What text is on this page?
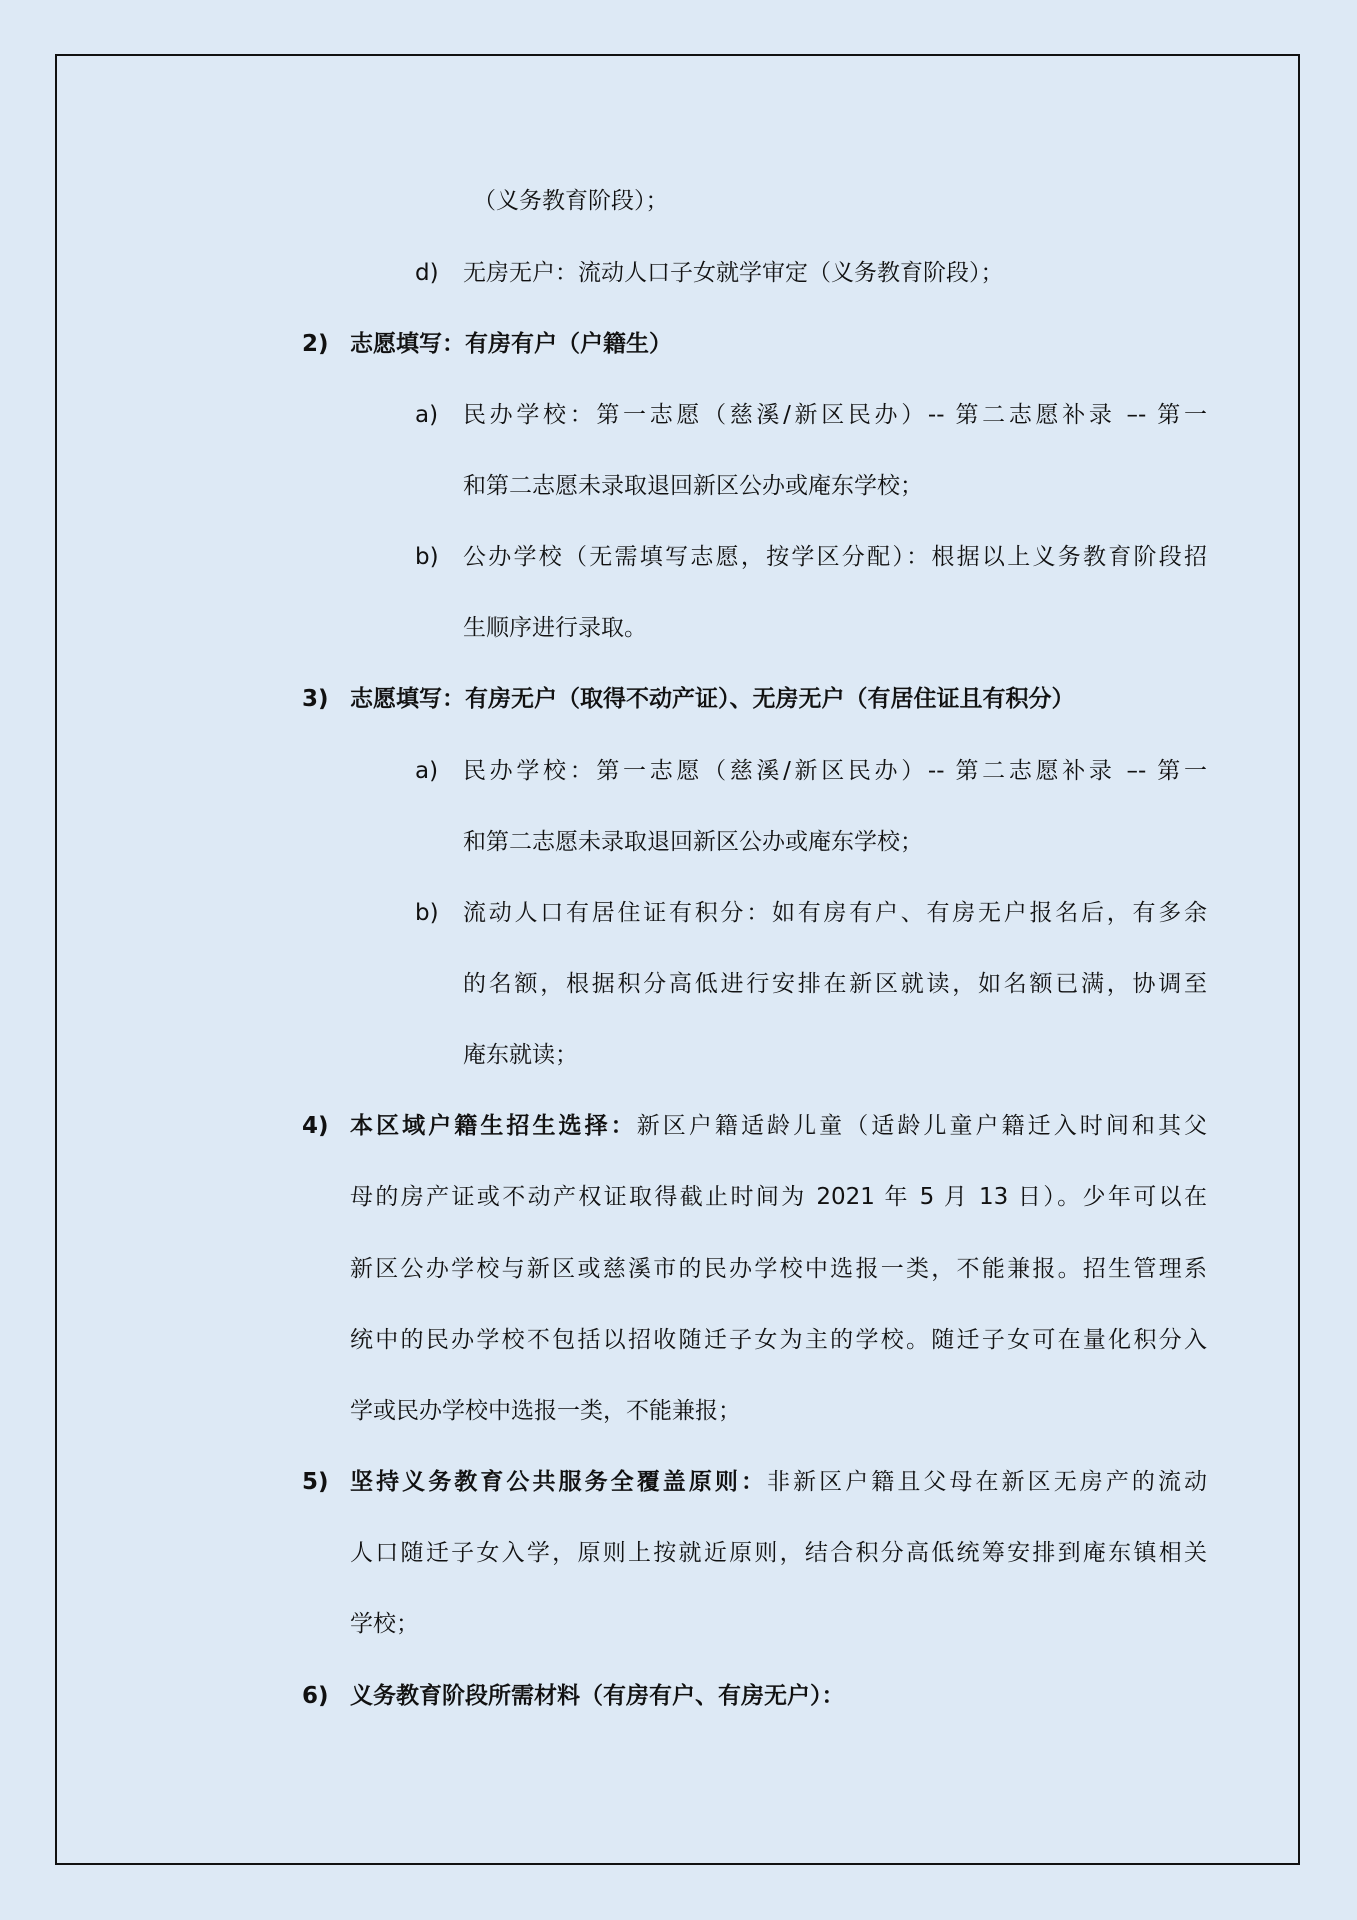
（义务教育阶段）；
d) 无房无户：流动人口子女就学审定（义务教育阶段）；
2) 志愿填写：有房有户（户籍生）
a) 民办学校：第一志愿（慈溪/新区民办）-- 第二志愿补录 –- 第一
和第二志愿未录取退回新区公办或庵东学校；
b) 公办学校（无需填写志愿，按学区分配）：根据以上义务教育阶段招
生顺序进行录取。
3) 志愿填写：有房无户（取得不动产证）、无房无户（有居住证且有积分）
a) 民办学校：第一志愿（慈溪/新区民办）-- 第二志愿补录 –- 第一
和第二志愿未录取退回新区公办或庵东学校；
b) 流动人口有居住证有积分：如有房有户、有房无户报名后，有多余
的名额，根据积分高低进行安排在新区就读，如名额已满，协调至
庵东就读；
4) 本区域户籍生招生选择：新区户籍适龄儿童（适龄儿童户籍迁入时间和其父
母的房产证或不动产权证取得截止时间为 2021 年 5 月 13 日）。少年可以在
新区公办学校与新区或慈溪市的民办学校中选报一类，不能兼报。招生管理系
统中的民办学校不包括以招收随迁子女为主的学校。随迁子女可在量化积分入
学或民办学校中选报一类，不能兼报；
5) 坚持义务教育公共服务全覆盖原则：非新区户籍且父母在新区无房产的流动
人口随迁子女入学，原则上按就近原则，结合积分高低统筹安排到庵东镇相关
学校；
6) 义务教育阶段所需材料（有房有户、有房无户）：
